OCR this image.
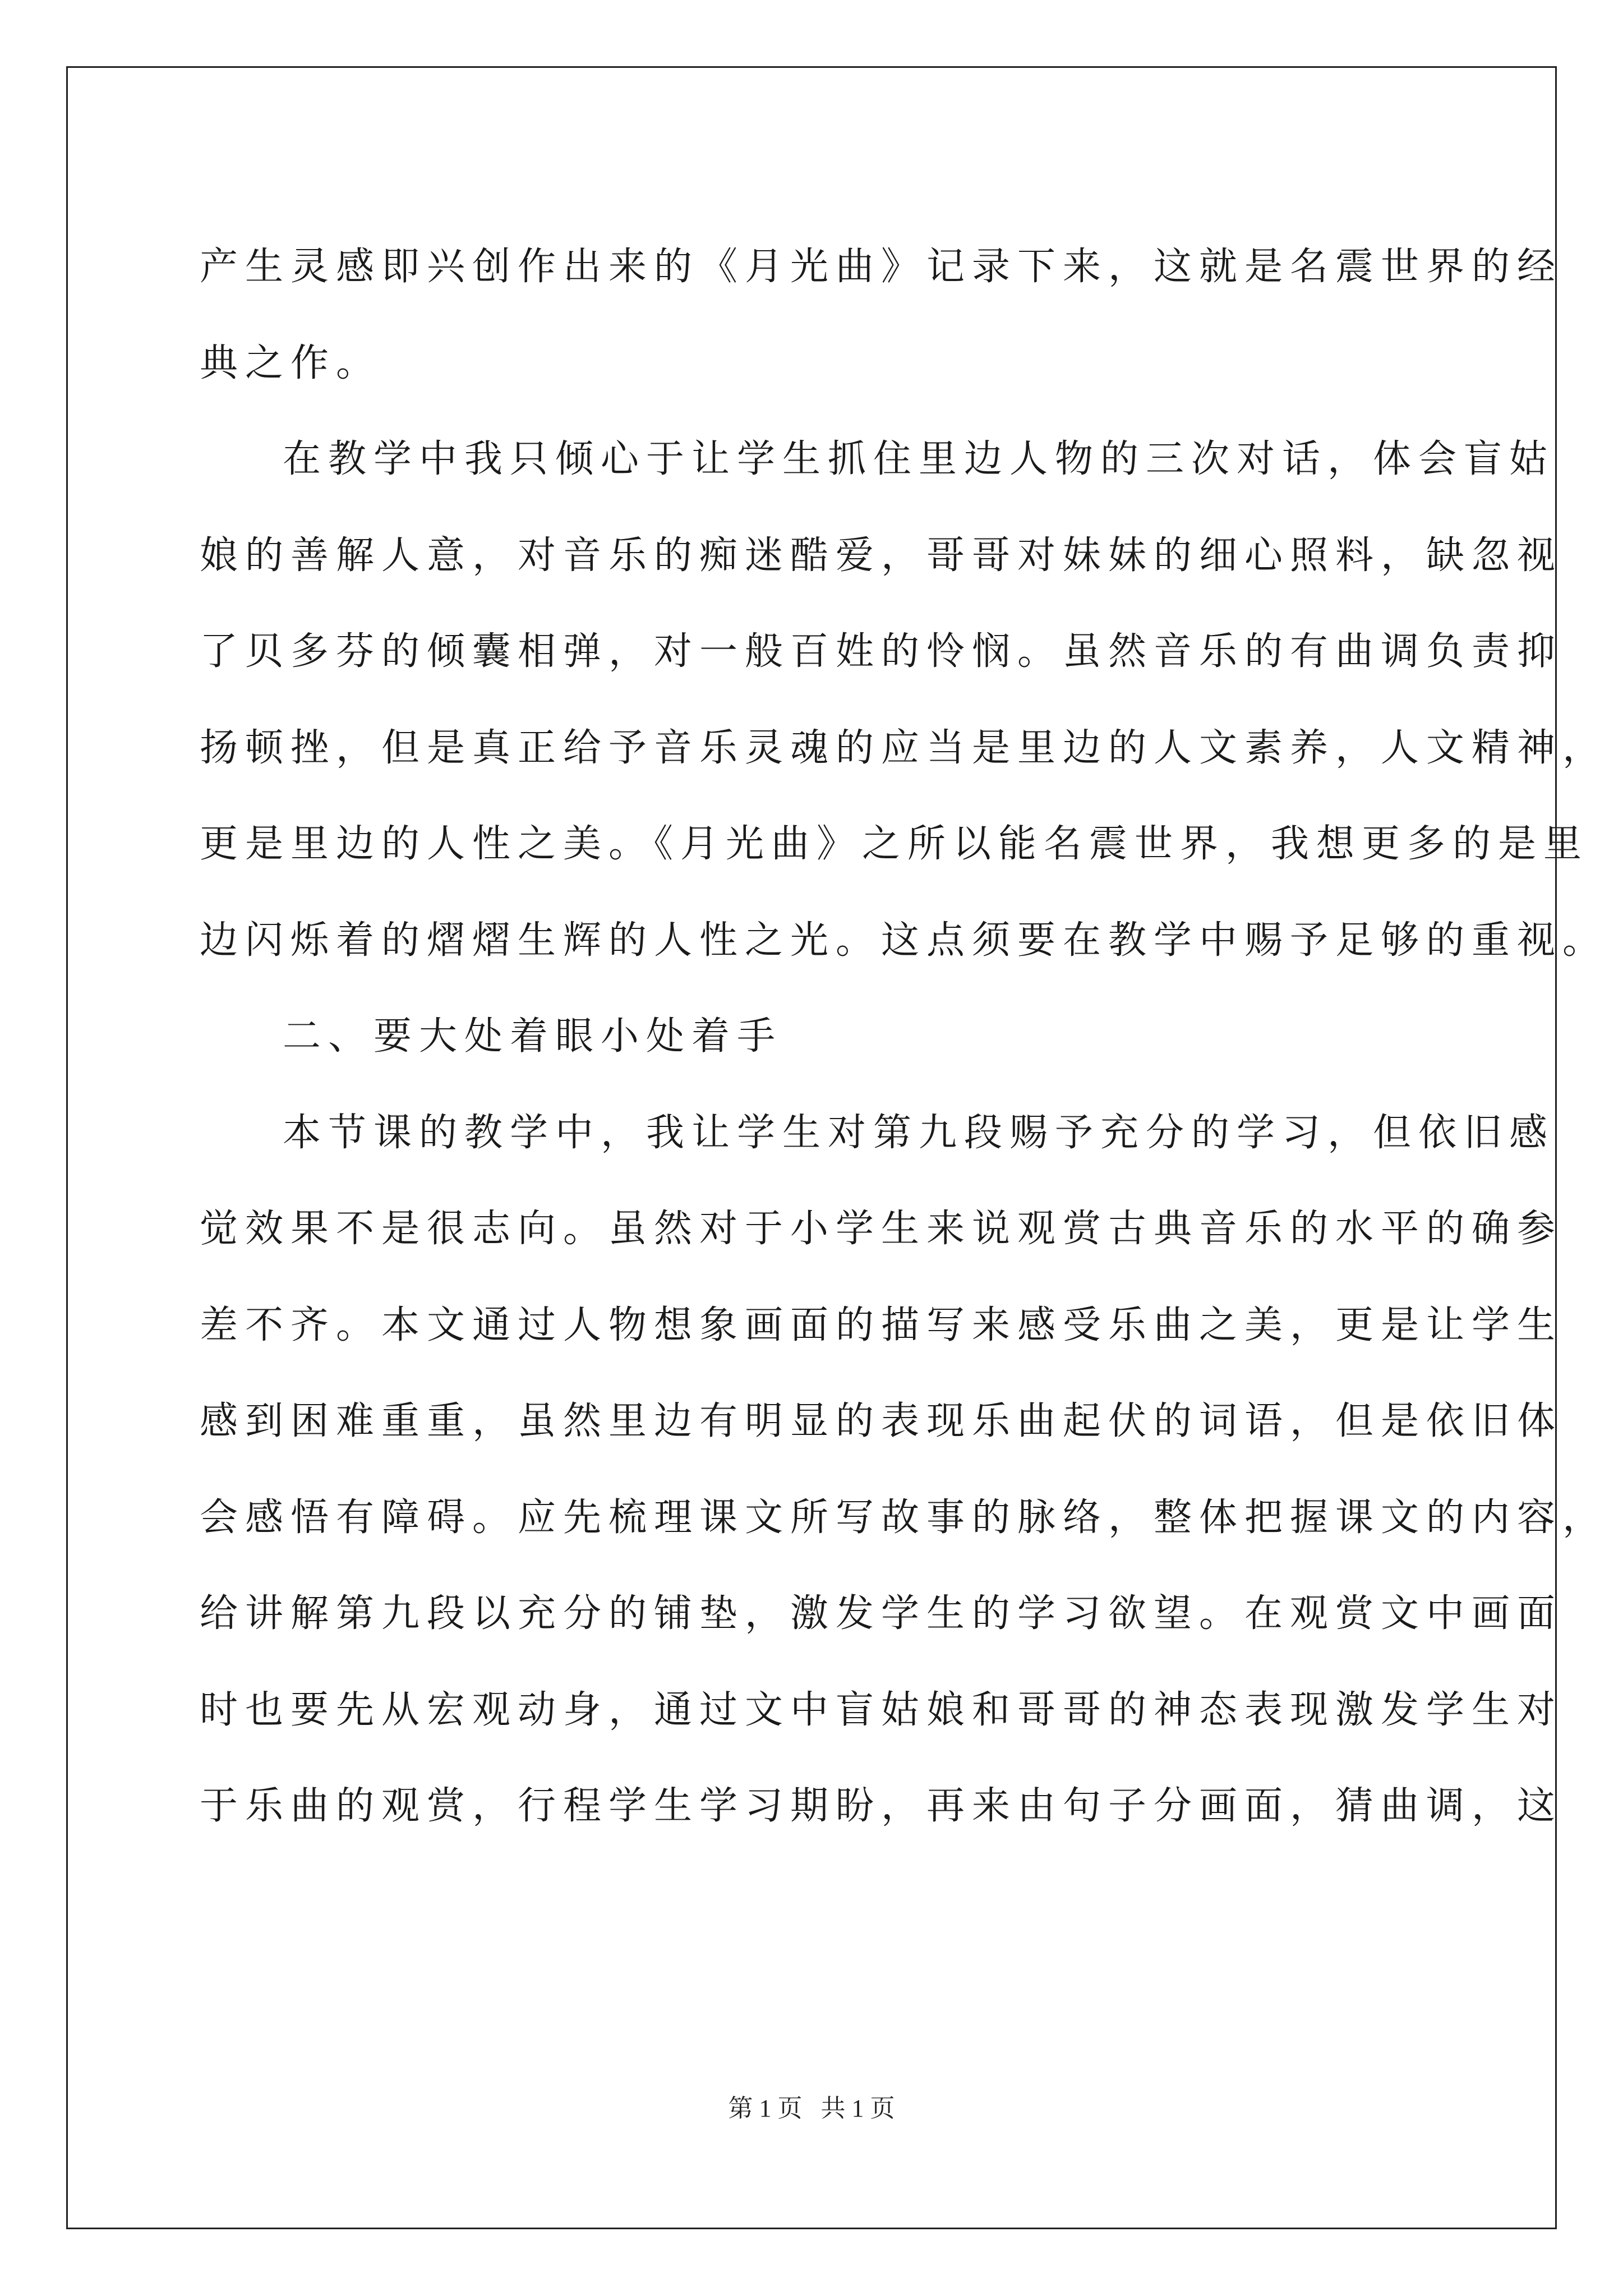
产生灵感即兴创作出来的《月光曲》记录下来，这就是名震世界的经
典之作。
在教学中我只倾心于让学生抓住里边人物的三次对话，体会盲姑
娘的善解人意，对音乐的痴迷酷爱，哥哥对妹妹的细心照料，缺忽视
了贝多芬的倾囊相弹，对一般百姓的怜悯。虽然音乐的有曲调负责抑
扬顿挫，但是真正给予音乐灵魂的应当是里边的人文素养，人文精神，
更是里边的人性之美。《月光曲》之所以能名震世界，我想更多的是里
边闪烁着的熠熠生辉的人性之光。这点须要在教学中赐予足够的重视。
二、要大处着眼小处着手
本节课的教学中，我让学生对第九段赐予充分的学习，但依旧感
觉效果不是很志向。虽然对于小学生来说观赏古典音乐的水平的确参
差不齐。本文通过人物想象画面的描写来感受乐曲之美，更是让学生
感到困难重重，虽然里边有明显的表现乐曲起伏的词语，但是依旧体
会感悟有障碍。应先梳理课文所写故事的脉络，整体把握课文的内容，
给讲解第九段以充分的铺垫，激发学生的学习欲望。在观赏文中画面
时也要先从宏观动身，通过文中盲姑娘和哥哥的神态表现激发学生对
于乐曲的观赏，行程学生学习期盼，再来由句子分画面，猜曲调，这
第 1 页   共 1 页
